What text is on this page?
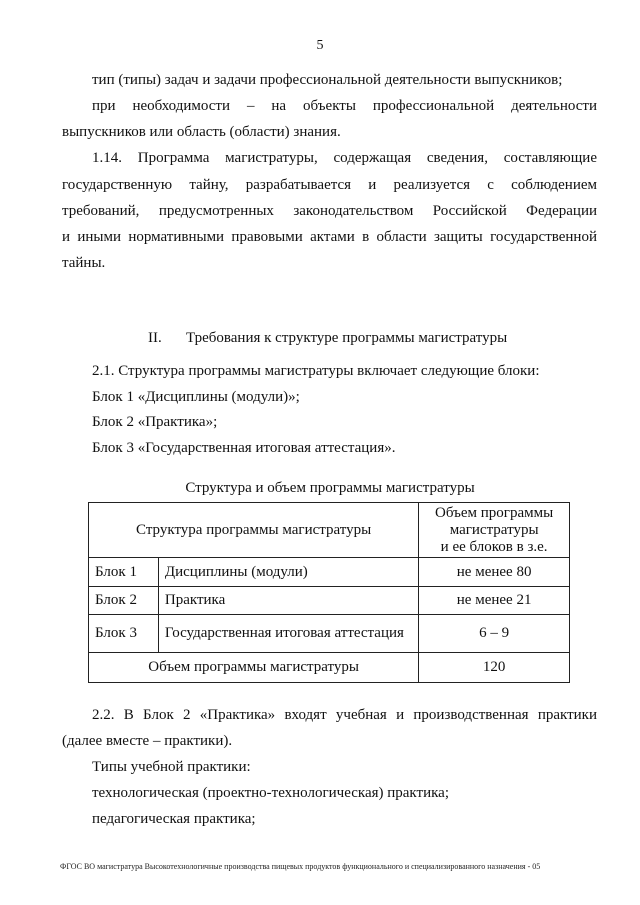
5
тип (типы) задач и задачи профессиональной деятельности выпускников;
при необходимости – на объекты профессиональной деятельности
выпускников или область (области) знания.
1.14. Программа магистратуры, содержащая сведения, составляющие
государственную тайну, разрабатывается и реализуется с соблюдением
требований, предусмотренных законодательством Российской Федерации
и иными нормативными правовыми актами в области защиты государственной
тайны.
II. Требования к структуре программы магистратуры
2.1. Структура программы магистратуры включает следующие блоки:
Блок 1 «Дисциплины (модули)»;
Блок 2 «Практика»;
Блок 3 «Государственная итоговая аттестация».
Структура и объем программы магистратуры
Структура программы магистратуры		Объем программы
магистратуры
и ее блоков в з.е.

Блок 1	Дисциплины (модули)	не менее 80
Блок 2	Практика	не менее 21
Блок 3	Государственная итоговая аттестация	6 – 9
Объем программы магистратуры		120
2.2. В Блок 2 «Практика» входят учебная и производственная практики
(далее вместе – практики).
Типы учебной практики:
технологическая (проектно-технологическая) практика;
педагогическая практика;
ФГОС ВО магистратура Высокотехнологичные производства пищевых продуктов функционального и специализированного назначения - 05
